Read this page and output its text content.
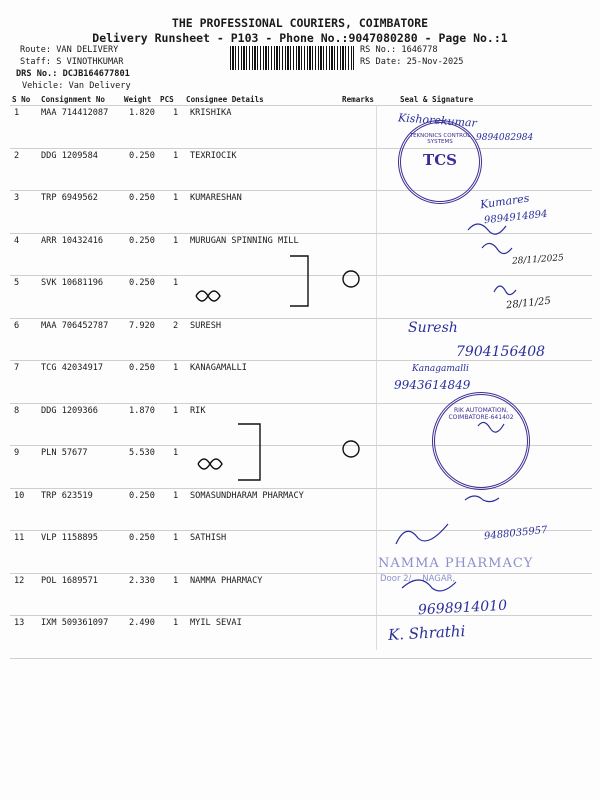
THE PROFESSIONAL COURIERS, COIMBATORE
Delivery Runsheet - P103 - Phone No.:9047080280 - Page No.:1
Route: VAN DELIVERY
Staff: S VINOTHKUMAR
DRS No.: DCJB164677801
Vehicle: Van Delivery
RS No.: 1646778
RS Date: 25-Nov-2025
S No Consignment No Weight PCS Consignee Details	Remarks	Seal & Signature
1	MAA 714412087 1.820 1 KRISHIKA
2	DDG 1209584	0.250 1 TEXRIOCIK
3	TRP 6949562	0.250 1 KUMARESHAN
4	ARR 10432416	0.250 1 MURUGAN SPINNING MILL
5	SVK 10681196	0.250 1
6	MAA 706452787 7.920 2 SURESH
7	TCG 42034917	0.250 1 KANAGAMALLI
8	DDG 1209366	1.870 1 RIK
9	PLN 57677	5.530 1
10 TRP 623519	0.250 1 SOMASUNDHARAM PHARMACY
11 VLP 1158895	0.250 1 SATHISH
12 POL 1689571	2.330 1 NAMMA PHARMACY
13 IXM 509361097 2.490 1 MYIL SEVAI
Kishorekumar
9894082984
Kumares
9894914894
28/11/2025
28/11/25
Suresh
7904156408
Kanagamalli
9943614849
9488035957
9698914010
K. Shrathi
TEKNONICS CONTROL SYSTEMS
TCS
RIK AUTOMATION, COIMBATORE-641402
NAMMA PHARMACY
Door 2/... NAGAR,
